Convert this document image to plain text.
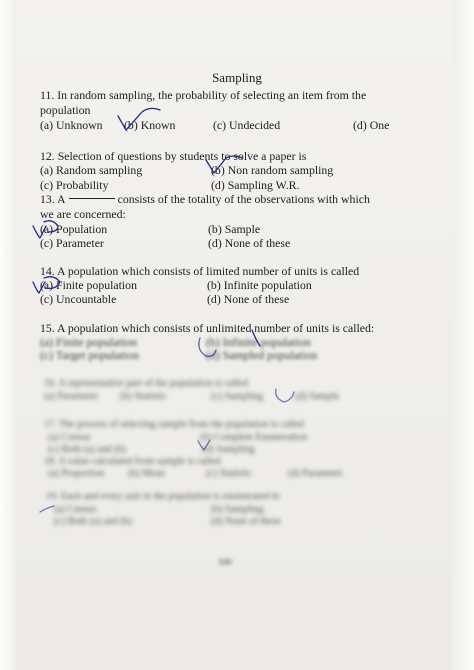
Sampling
11. In random sampling, the probability of selecting an item from the
population
(a) Unknown (b) Known	(c) Undecided	(d) One
12. Selection of questions by students to solve a paper is
(a) Random sampling	(b) Non random sampling
(c) Probability	(d) Sampling W.R.
13. A	consists of the totality of the observations with which
we are concerned:
(a) Population	(b) Sample
(c) Parameter	(d) None of these
14. A population which consists of limited number of units is called
(a) Finite population	(b) Infinite population
(c) Uncountable	(d) None of these
15. A population which consists of unlimited number of units is called:
(a) Finite population	(b) Infinite population
(c) Target population	(d) Sampled population
16. A representative part of the population is called
(a) Parameter (b) Statistic	(c) Sampling	(d) Sample
17. The process of selecting sample from the population is called
(a) Census	(b) Complete Enumeration
(c) Both (a) and (b)	(d) Sampling
18. A value calculated from sample is called
(a) Proportion (b) Mean	(c) Statistic	(d) Parameter
19. Each and every unit in the population is enumerated in
(a) Census	(b) Sampling
(c) Both (a) and (b)	(d) None of these
100
